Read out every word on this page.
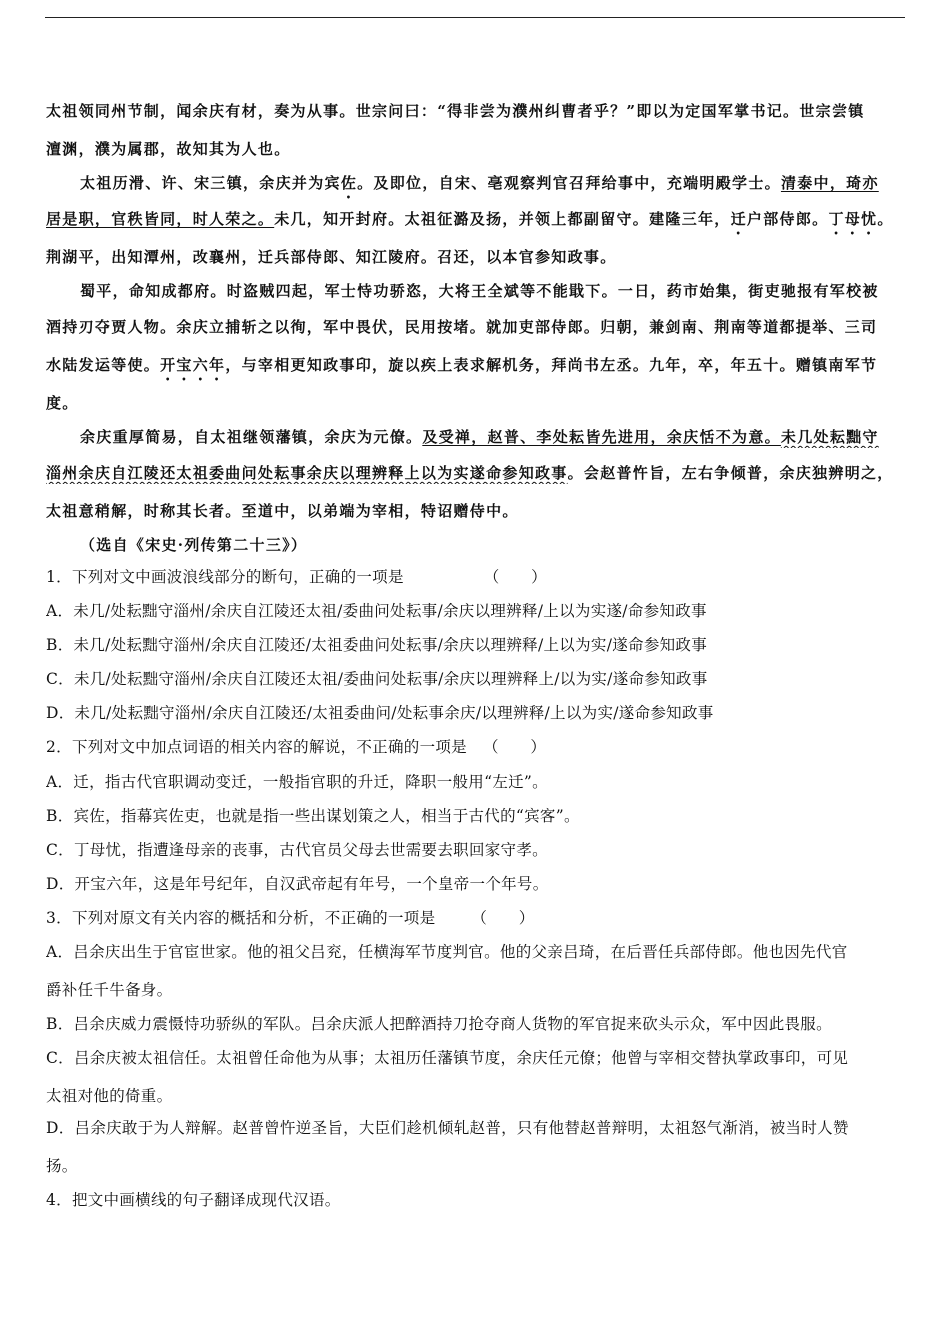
太祖领同州节制，闻余庆有材，奏为从事。世宗问曰：“得非尝为濮州纠曹者乎？”即以为定国军掌书记。世宗尝镇
澶渊，濮为属郡，故知其为人也。
太祖历滑、许、宋三镇，余庆并为宾佐。及即位，自宋、亳观察判官召拜给事中，充端明殿学士。清泰中，琦亦
居是职，官秩皆同，时人荣之。未几，知开封府。太祖征潞及扬，并领上都副留守。建隆三年，迁户部侍郎。丁母忧。
荆湖平，出知潭州，改襄州，迁兵部侍郎、知江陵府。召还，以本官参知政事。
蜀平，命知成都府。时盗贼四起，军士恃功骄恣，大将王全斌等不能戢下。一日，药市始集，街吏驰报有军校被
酒持刃夺贾人物。余庆立捕斩之以徇，军中畏伏，民用按堵。就加吏部侍郎。归朝，兼剑南、荆南等道都提举、三司
水陆发运等使。开宝六年，与宰相更知政事印，旋以疾上表求解机务，拜尚书左丞。九年，卒，年五十。赠镇南军节
度。
余庆重厚简易，自太祖继领藩镇，余庆为元僚。及受禅，赵普、李处耘皆先进用，余庆恬不为意。未几处耘黜守
淄州余庆自江陵还太祖委曲问处耘事余庆以理辨释上以为实遂命参知政事。会赵普忤旨，左右争倾普，余庆独辨明之，
太祖意稍解，时称其长者。至道中，以弟端为宰相，特诏赠侍中。
（选自《宋史·列传第二十三》）
1．下列对文中画波浪线部分的断句，正确的一项是	（　　）
A．未几/处耘黜守淄州/余庆自江陵还太祖/委曲问处耘事/余庆以理辨释/上以为实遂/命参知政事
B．未几/处耘黜守淄州/余庆自江陵还/太祖委曲问处耘事/余庆以理辨释/上以为实/遂命参知政事
C．未几/处耘黜守淄州/余庆自江陵还太祖/委曲问处耘事/余庆以理辨释上/以为实/遂命参知政事
D．未几/处耘黜守淄州/余庆自江陵还/太祖委曲问/处耘事余庆/以理辨释/上以为实/遂命参知政事
2．下列对文中加点词语的相关内容的解说，不正确的一项是 （　　）
A．迁，指古代官职调动变迁，一般指官职的升迁，降职一般用“左迁”。
B．宾佐，指幕宾佐吏，也就是指一些出谋划策之人，相当于古代的“宾客”。
C．丁母忧，指遭逢母亲的丧事，古代官员父母去世需要去职回家守孝。
D．开宝六年，这是年号纪年，自汉武帝起有年号，一个皇帝一个年号。
3．下列对原文有关内容的概括和分析，不正确的一项是 （　　）
A．吕余庆出生于官宦世家。他的祖父吕兖，任横海军节度判官。他的父亲吕琦，在后晋任兵部侍郎。他也因先代官
爵补任千牛备身。
B．吕余庆威力震慑恃功骄纵的军队。吕余庆派人把醉酒持刀抢夺商人货物的军官捉来砍头示众，军中因此畏服。
C．吕余庆被太祖信任。太祖曾任命他为从事；太祖历任藩镇节度，余庆任元僚；他曾与宰相交替执掌政事印，可见
太祖对他的倚重。
D．吕余庆敢于为人辩解。赵普曾忤逆圣旨，大臣们趁机倾轧赵普，只有他替赵普辩明，太祖怒气渐消，被当时人赞
扬。
4．把文中画横线的句子翻译成现代汉语。
